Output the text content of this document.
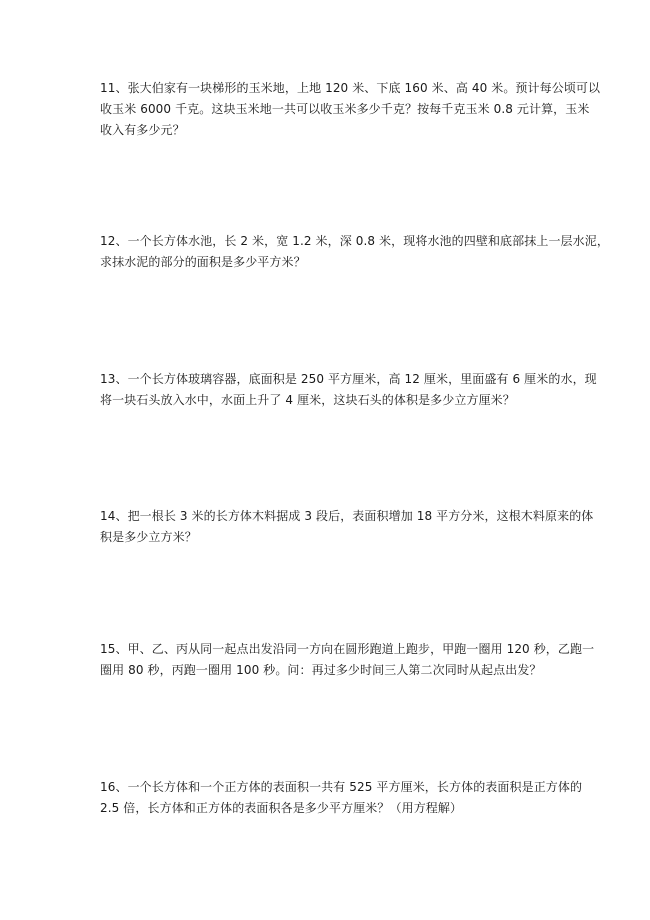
11、张大伯家有一块梯形的玉米地，上地 120 米、下底 160 米、高 40 米。预计每公顷可以
收玉米 6000 千克。这块玉米地一共可以收玉米多少千克？按每千克玉米 0.8 元计算，玉米
收入有多少元？
12、一个长方体水池，长 2 米，宽 1.2 米，深 0.8 米，现将水池的四壁和底部抹上一层水泥，
求抹水泥的部分的面积是多少平方米？
13、一个长方体玻璃容器，底面积是 250 平方厘米，高 12 厘米，里面盛有 6 厘米的水，现
将一块石头放入水中，水面上升了 4 厘米，这块石头的体积是多少立方厘米？
14、把一根长 3 米的长方体木料据成 3 段后，表面积增加 18 平方分米，这根木料原来的体
积是多少立方米？
15、甲、乙、丙从同一起点出发沿同一方向在圆形跑道上跑步，甲跑一圈用 120 秒，乙跑一
圈用 80 秒，丙跑一圈用 100 秒。问：再过多少时间三人第二次同时从起点出发？
16、一个长方体和一个正方体的表面积一共有 525 平方厘米，长方体的表面积是正方体的
2.5 倍，长方体和正方体的表面积各是多少平方厘米？（用方程解）
